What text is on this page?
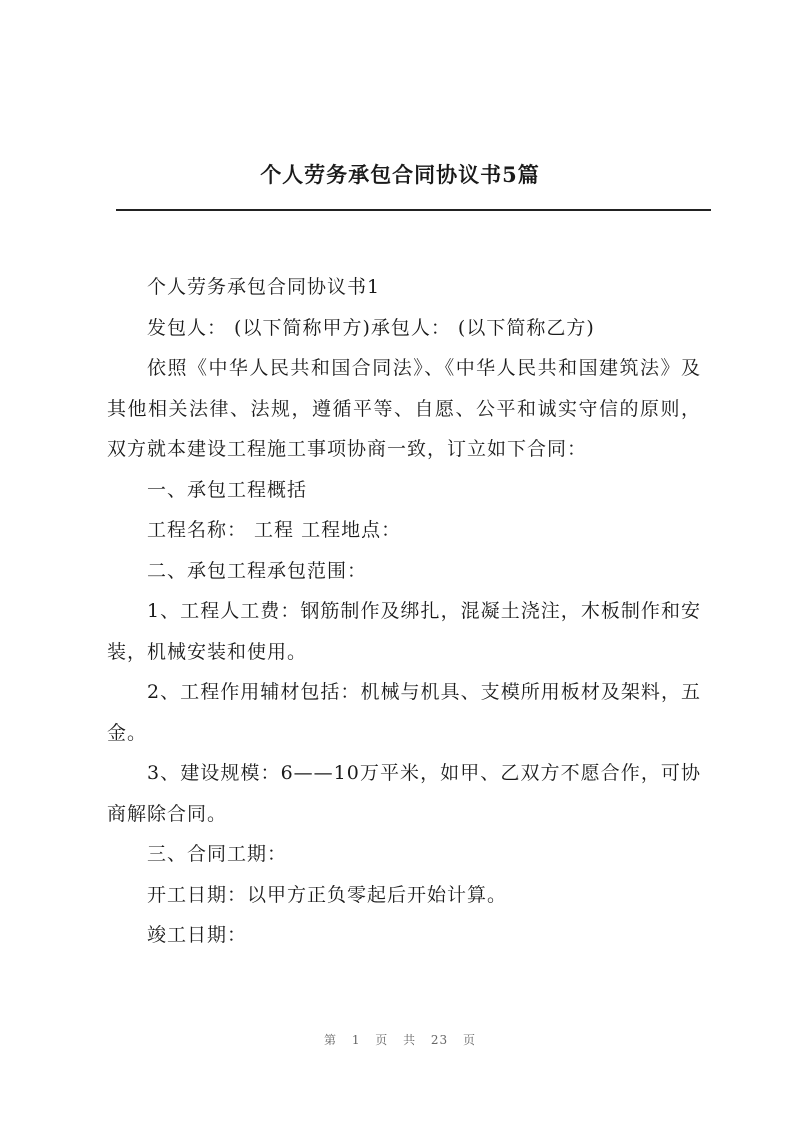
个人劳务承包合同协议书5篇

个人劳务承包合同协议书1

发包人： (以下简称甲方)承包人： (以下简称乙方)

依照《中华人民共和国合同法》、《中华人民共和国建筑法》及其他相关法律、法规，遵循平等、自愿、公平和诚实守信的原则，双方就本建设工程施工事项协商一致，订立如下合同：

一、承包工程概括

工程名称： 工程 工程地点：

二、承包工程承包范围：

1、工程人工费：钢筋制作及绑扎，混凝土浇注，木板制作和安装，机械安装和使用。

2、工程作用辅材包括：机械与机具、支模所用板材及架料，五金。

3、建设规模：6——10万平米，如甲、乙双方不愿合作，可协商解除合同。

三、合同工期：

开工日期：以甲方正负零起后开始计算。

竣工日期：

第 1 页 共 23 页
